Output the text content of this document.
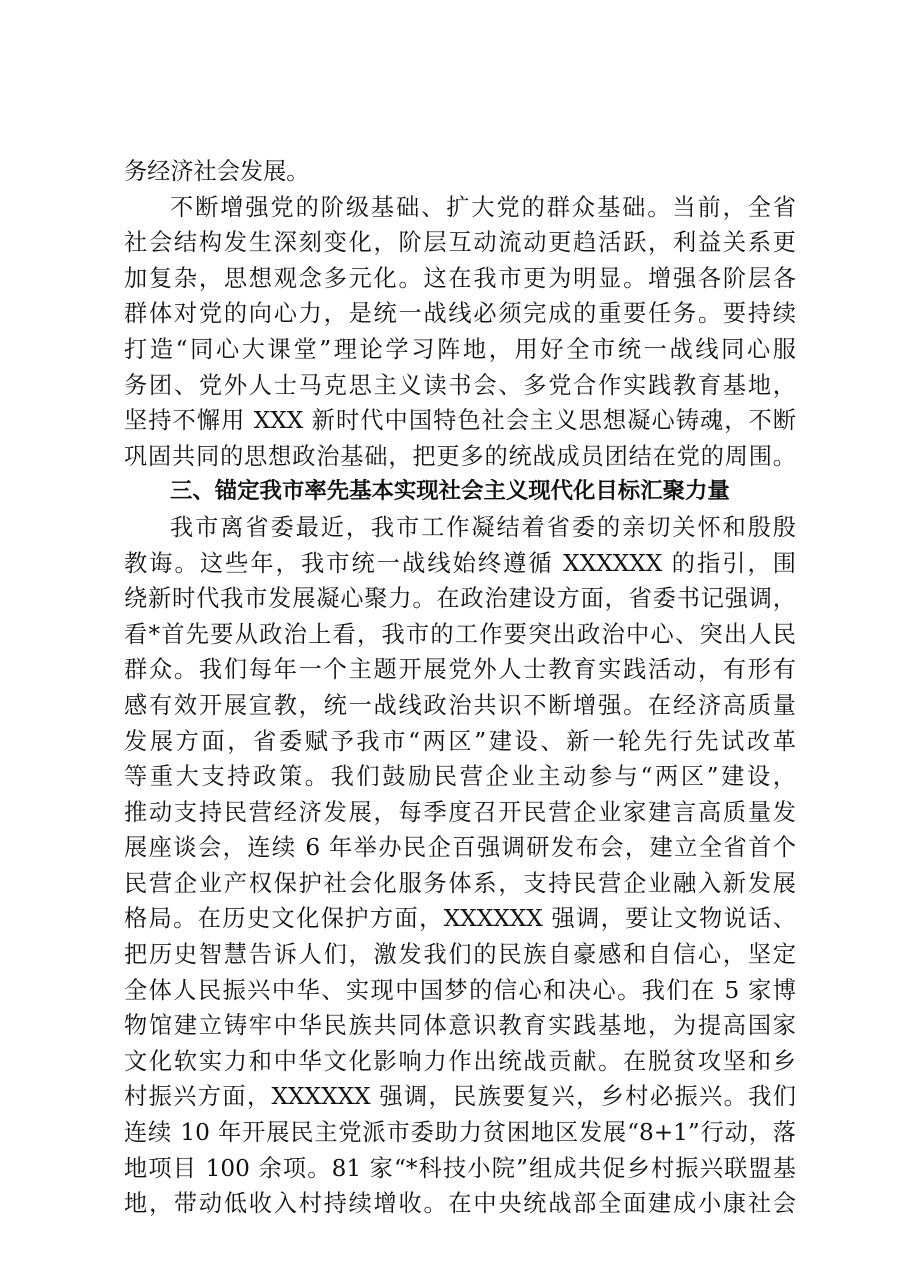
务经济社会发展。
不断增强党的阶级基础、扩大党的群众基础。当前，全省
社会结构发生深刻变化，阶层互动流动更趋活跃，利益关系更
加复杂，思想观念多元化。这在我市更为明显。增强各阶层各
群体对党的向心力，是统一战线必须完成的重要任务。要持续
打造“同心大课堂”理论学习阵地，用好全市统一战线同心服
务团、党外人士马克思主义读书会、多党合作实践教育基地，
坚持不懈用 XXX 新时代中国特色社会主义思想凝心铸魂，不断
巩固共同的思想政治基础，把更多的统战成员团结在党的周围。
三、锚定我市率先基本实现社会主义现代化目标汇聚力量
我市离省委最近，我市工作凝结着省委的亲切关怀和殷殷
教诲。这些年，我市统一战线始终遵循 XXXXXX 的指引，围
绕新时代我市发展凝心聚力。在政治建设方面，省委书记强调，
看*首先要从政治上看，我市的工作要突出政治中心、突出人民
群众。我们每年一个主题开展党外人士教育实践活动，有形有
感有效开展宣教，统一战线政治共识不断增强。在经济高质量
发展方面，省委赋予我市“两区”建设、新一轮先行先试改革
等重大支持政策。我们鼓励民营企业主动参与“两区”建设，
推动支持民营经济发展，每季度召开民营企业家建言高质量发
展座谈会，连续 6 年举办民企百强调研发布会，建立全省首个
民营企业产权保护社会化服务体系，支持民营企业融入新发展
格局。在历史文化保护方面，XXXXXX 强调，要让文物说话、
把历史智慧告诉人们，激发我们的民族自豪感和自信心，坚定
全体人民振兴中华、实现中国梦的信心和决心。我们在 5 家博
物馆建立铸牢中华民族共同体意识教育实践基地，为提高国家
文化软实力和中华文化影响力作出统战贡献。在脱贫攻坚和乡
村振兴方面，XXXXXX 强调，民族要复兴，乡村必振兴。我们
连续 10 年开展民主党派市委助力贫困地区发展“8+1”行动，落
地项目 100 余项。81 家“*科技小院”组成共促乡村振兴联盟基
地，带动低收入村持续增收。在中央统战部全面建成小康社会
